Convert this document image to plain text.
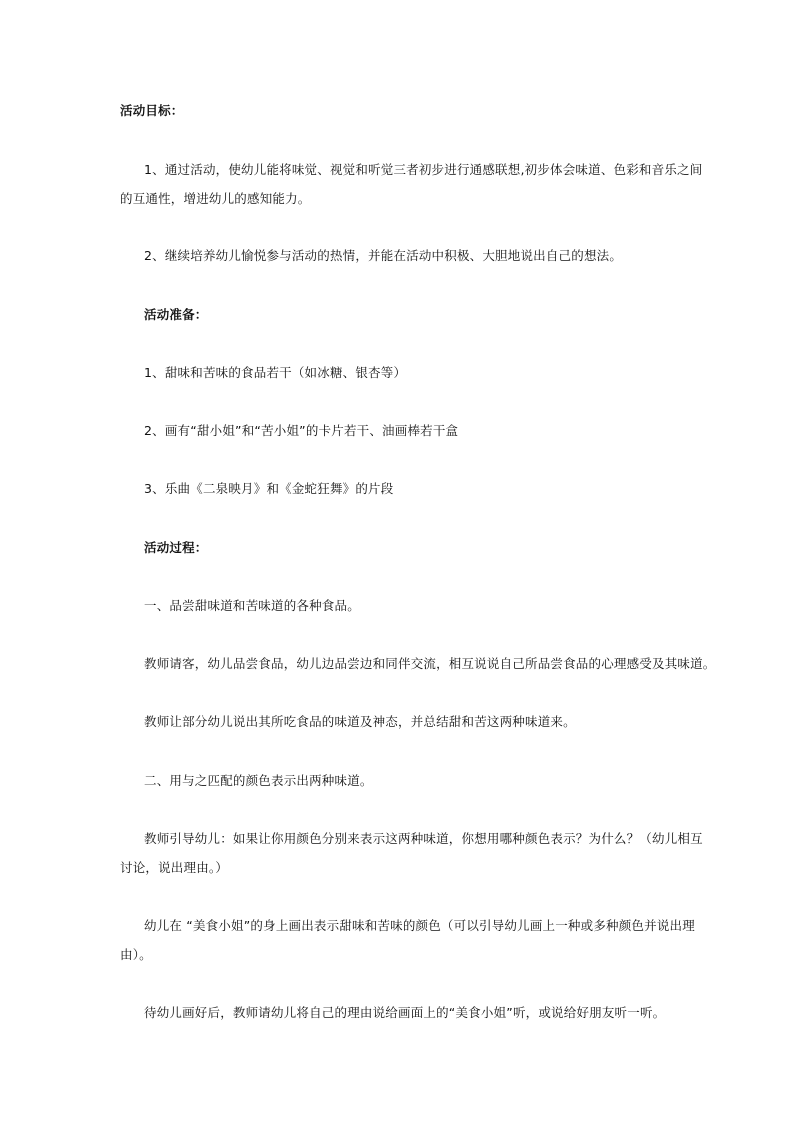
活动目标：
1、通过活动，使幼儿能将味觉、视觉和听觉三者初步进行通感联想,初步体会味道、色彩和音乐之间
的互通性，增进幼儿的感知能力。
2、继续培养幼儿愉悦参与活动的热情，并能在活动中积极、大胆地说出自己的想法。
活动准备：
1、甜味和苦味的食品若干（如冰糖、银杏等）
2、画有“甜小姐”和“苦小姐”的卡片若干、油画棒若干盒
3、乐曲《二泉映月》和《金蛇狂舞》的片段
活动过程：
一、品尝甜味道和苦味道的各种食品。
教师请客，幼儿品尝食品，幼儿边品尝边和同伴交流，相互说说自己所品尝食品的心理感受及其味道。
教师让部分幼儿说出其所吃食品的味道及神态，并总结甜和苦这两种味道来。
二、用与之匹配的颜色表示出两种味道。
教师引导幼儿：如果让你用颜色分别来表示这两种味道，你想用哪种颜色表示？为什么？（幼儿相互
讨论，说出理由。）
幼儿在 “美食小姐”的身上画出表示甜味和苦味的颜色（可以引导幼儿画上一种或多种颜色并说出理
由）。
待幼儿画好后，教师请幼儿将自己的理由说给画面上的“美食小姐”听，或说给好朋友听一听。
